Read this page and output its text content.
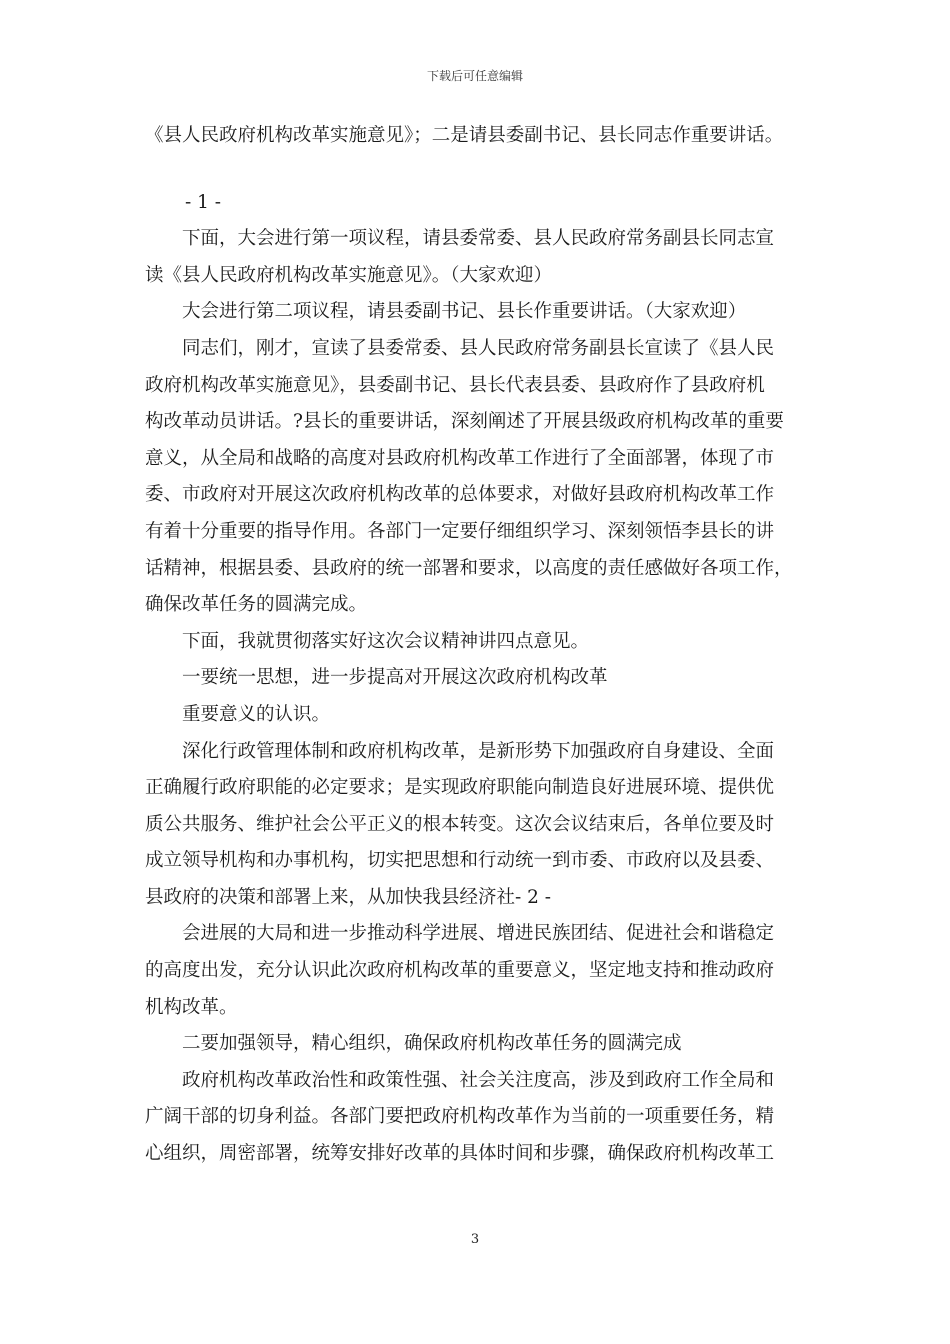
下载后可任意编辑
《县人民政府机构改革实施意见》；二是请县委副书记、县长同志作重要讲话。
- 1 -
下面，大会进行第一项议程，请县委常委、县人民政府常务副县长同志宣
读《县人民政府机构改革实施意见》。（大家欢迎）
大会进行第二项议程，请县委副书记、县长作重要讲话。（大家欢迎）
同志们，刚才，宣读了县委常委、县人民政府常务副县长宣读了《县人民
政府机构改革实施意见》，县委副书记、县长代表县委、县政府作了县政府机
构改革动员讲话。?县长的重要讲话，深刻阐述了开展县级政府机构改革的重要
意义，从全局和战略的高度对县政府机构改革工作进行了全面部署，体现了市
委、市政府对开展这次政府机构改革的总体要求，对做好县政府机构改革工作
有着十分重要的指导作用。各部门一定要仔细组织学习、深刻领悟李县长的讲
话精神，根据县委、县政府的统一部署和要求，以高度的责任感做好各项工作，
确保改革任务的圆满完成。
下面，我就贯彻落实好这次会议精神讲四点意见。
一要统一思想，进一步提高对开展这次政府机构改革
重要意义的认识。
深化行政管理体制和政府机构改革，是新形势下加强政府自身建设、全面
正确履行政府职能的必定要求；是实现政府职能向制造良好进展环境、提供优
质公共服务、维护社会公平正义的根本转变。这次会议结束后，各单位要及时
成立领导机构和办事机构，切实把思想和行动统一到市委、市政府以及县委、
县政府的决策和部署上来，从加快我县经济社- 2 -
会进展的大局和进一步推动科学进展、增进民族团结、促进社会和谐稳定
的高度出发，充分认识此次政府机构改革的重要意义，坚定地支持和推动政府
机构改革。
二要加强领导，精心组织，确保政府机构改革任务的圆满完成
政府机构改革政治性和政策性强、社会关注度高，涉及到政府工作全局和
广阔干部的切身利益。各部门要把政府机构改革作为当前的一项重要任务，精
心组织，周密部署，统筹安排好改革的具体时间和步骤，确保政府机构改革工
3
